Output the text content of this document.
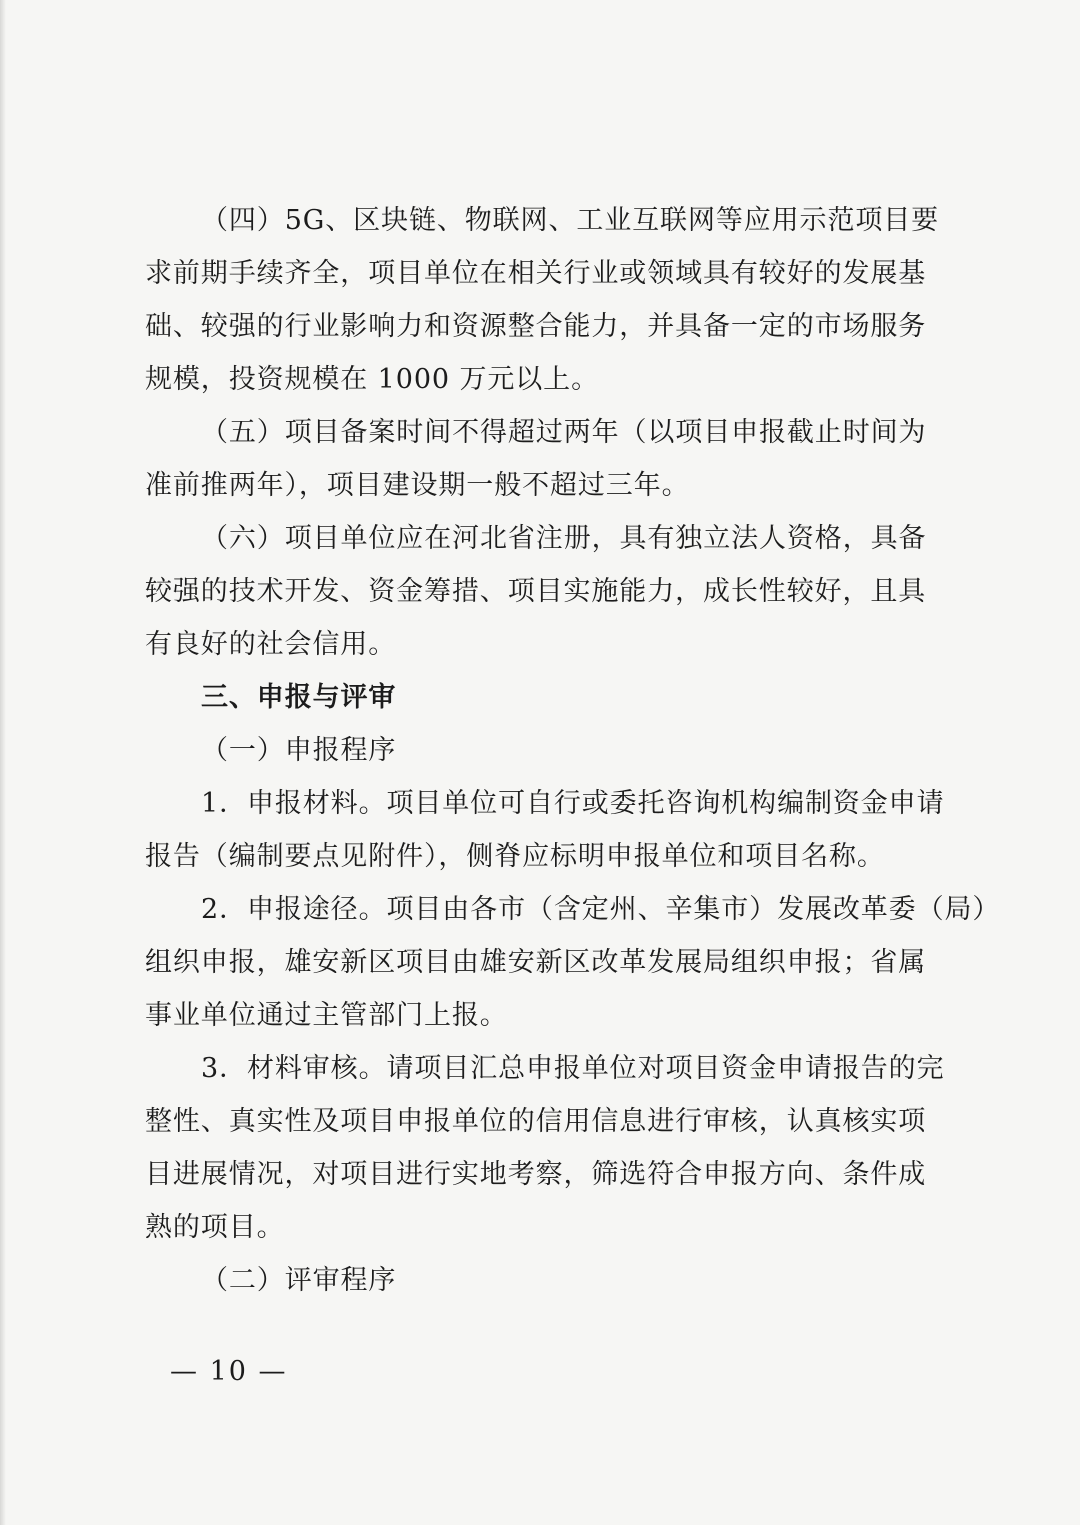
（四）5G、区块链、物联网、工业互联网等应用示范项目要
求前期手续齐全，项目单位在相关行业或领域具有较好的发展基
础、较强的行业影响力和资源整合能力，并具备一定的市场服务
规模，投资规模在 1000 万元以上。
（五）项目备案时间不得超过两年（以项目申报截止时间为
准前推两年），项目建设期一般不超过三年。
（六）项目单位应在河北省注册，具有独立法人资格，具备
较强的技术开发、资金筹措、项目实施能力，成长性较好，且具
有良好的社会信用。
三、申报与评审
（一）申报程序
1．申报材料。项目单位可自行或委托咨询机构编制资金申请
报告（编制要点见附件），侧脊应标明申报单位和项目名称。
2．申报途径。项目由各市（含定州、辛集市）发展改革委（局）
组织申报，雄安新区项目由雄安新区改革发展局组织申报；省属
事业单位通过主管部门上报。
3．材料审核。请项目汇总申报单位对项目资金申请报告的完
整性、真实性及项目申报单位的信用信息进行审核，认真核实项
目进展情况，对项目进行实地考察，筛选符合申报方向、条件成
熟的项目。
（二）评审程序
— 10 —
